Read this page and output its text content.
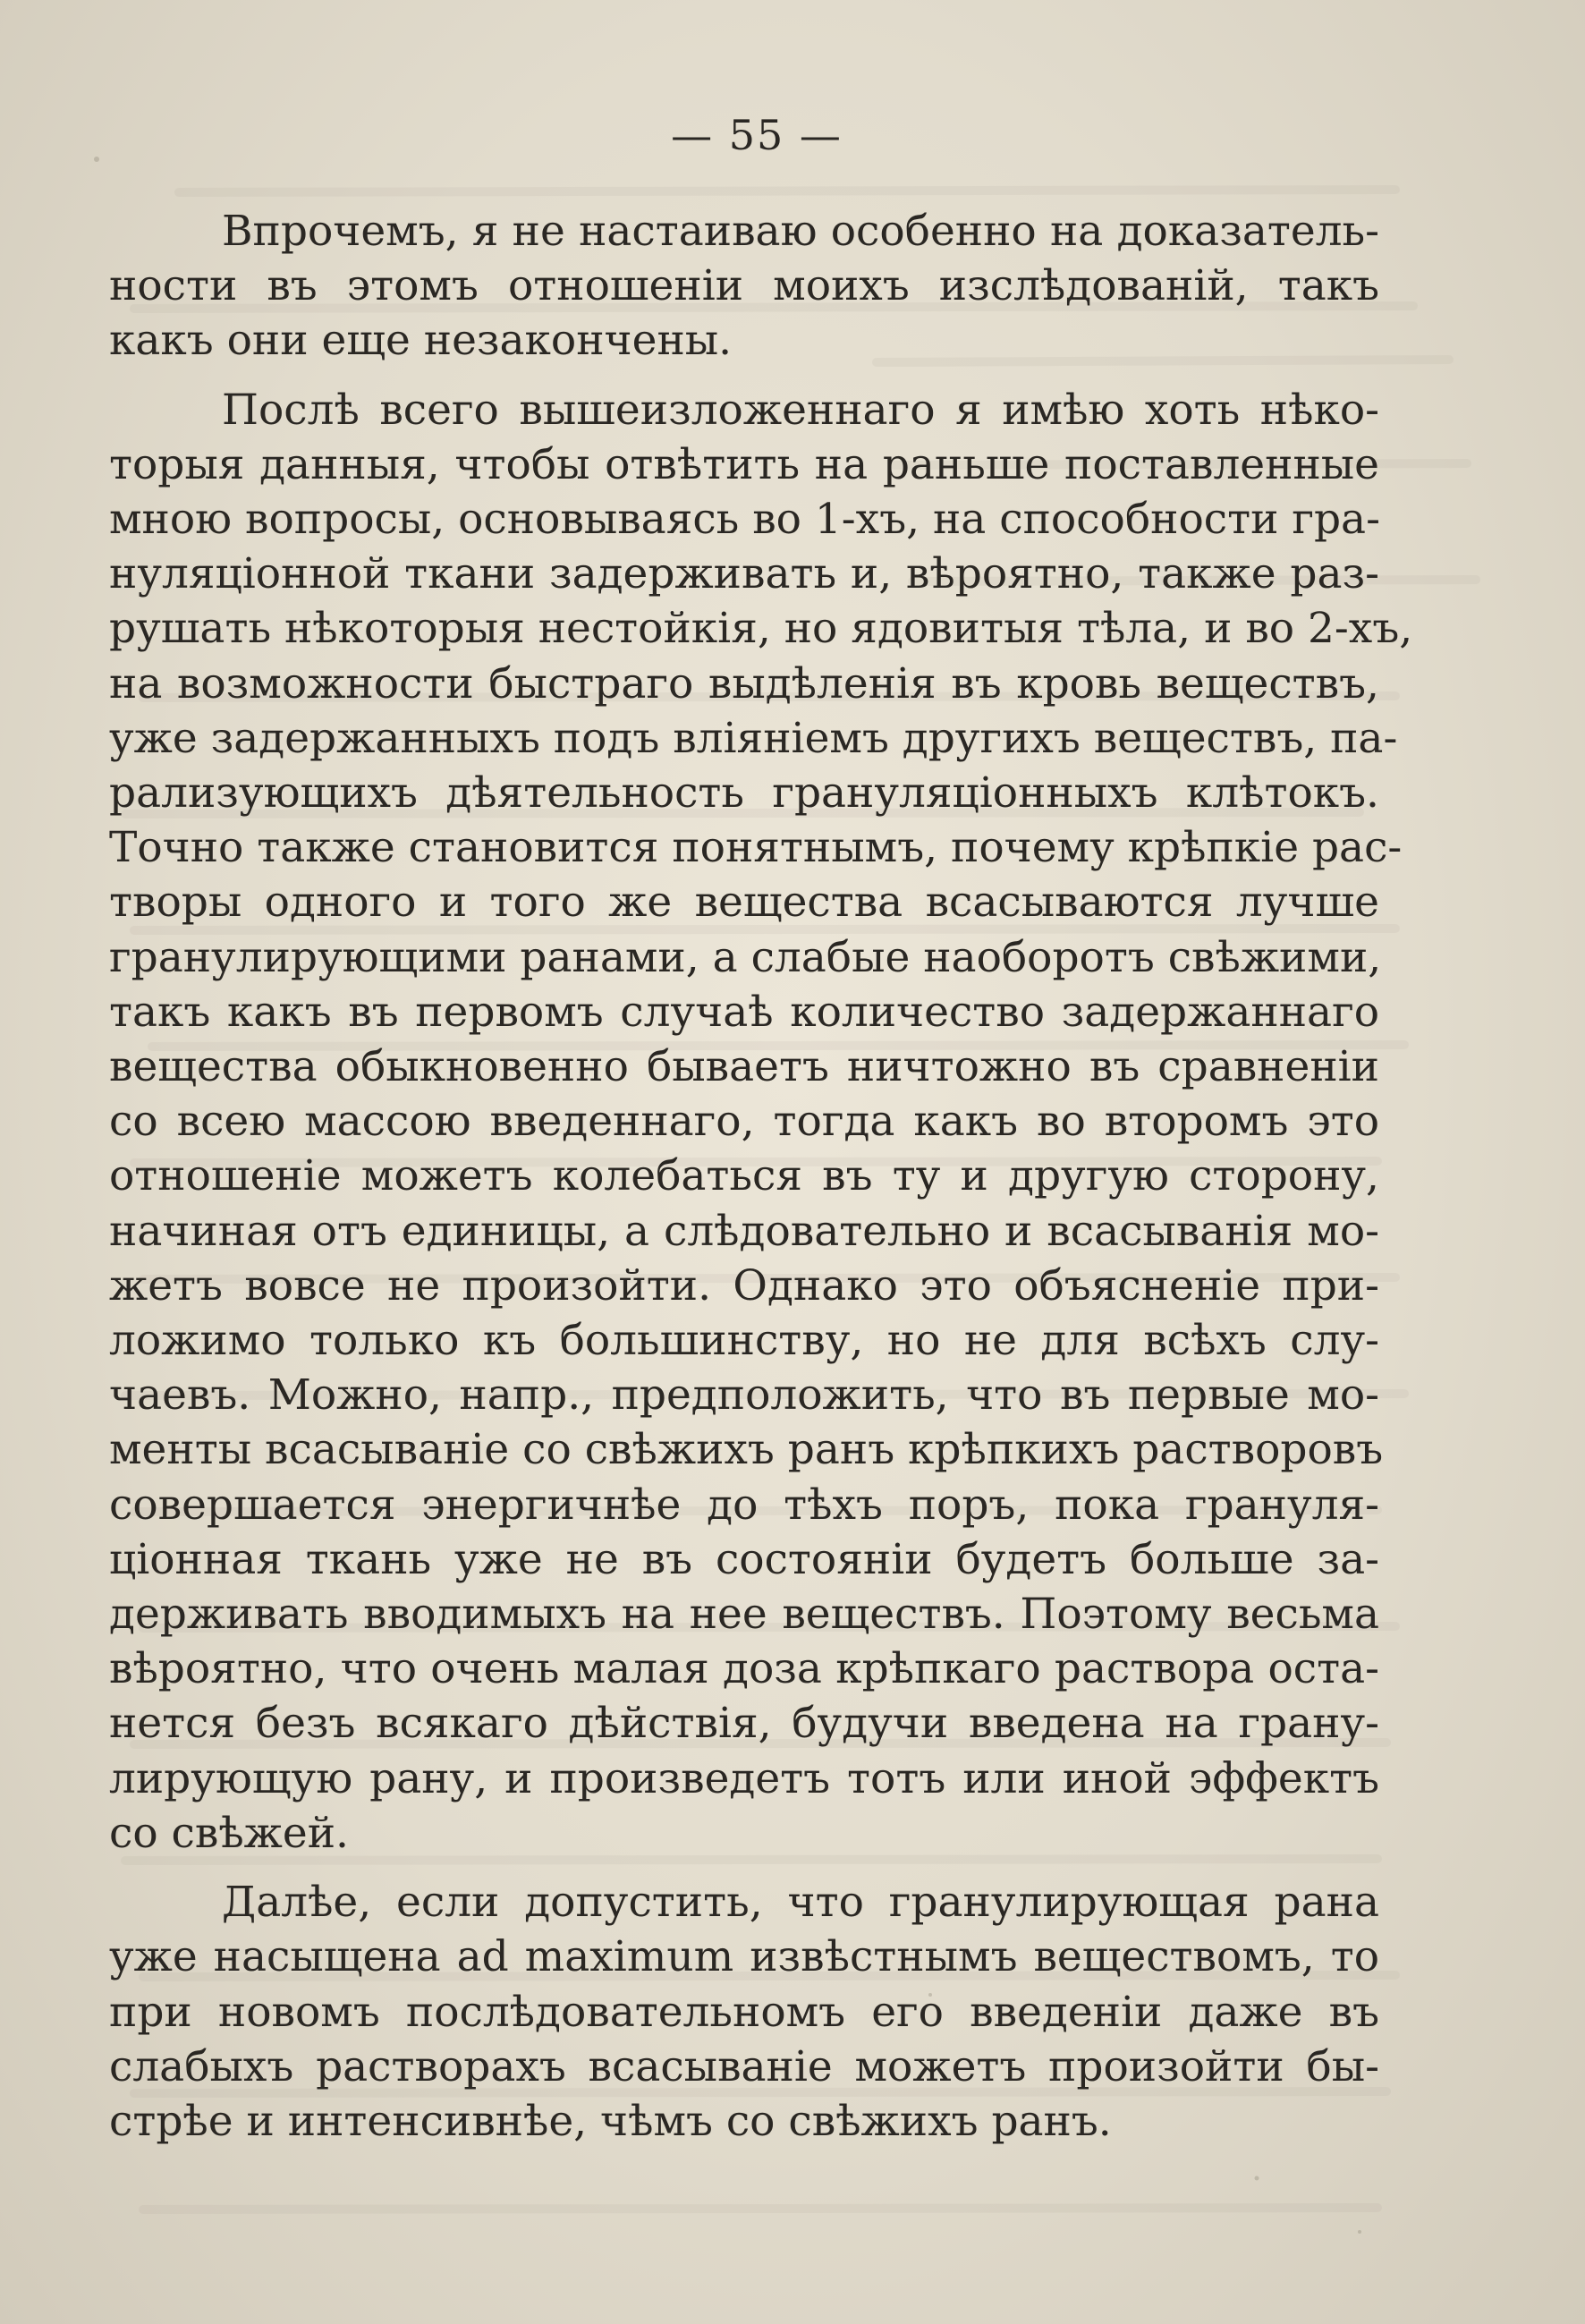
— 55 —

Впрочемъ, я не настаиваю особенно на доказатель-
ности въ этомъ отношеніи моихъ изслѣдованій, такъ
какъ они еще незакончены.

Послѣ всего вышеизложеннаго я имѣю хоть нѣко-
торыя данныя, чтобы отвѣтить на раньше поставленные
мною вопросы, основываясь во 1-хъ, на способности гра-
нуляціонной ткани задерживать и, вѣроятно, также раз-
рушать нѣкоторыя нестойкія, но ядовитыя тѣла, и во 2-хъ,
на возможности быстраго выдѣленія въ кровь веществъ,
уже задержанныхъ подъ вліяніемъ другихъ веществъ, па-
рализующихъ дѣятельность грануляціонныхъ клѣтокъ.
Точно также становится понятнымъ, почему крѣпкіе рас-
творы одного и того же вещества всасываются лучше
гранулирующими ранами, а слабые наоборотъ свѣжими,
такъ какъ въ первомъ случаѣ количество задержаннаго
вещества обыкновенно бываетъ ничтожно въ сравненіи
со всею массою введеннаго, тогда какъ во второмъ это
отношеніе можетъ колебаться въ ту и другую сторону,
начиная отъ единицы, а слѣдовательно и всасыванія мо-
жетъ вовсе не произойти. Однако это объясненіе при-
ложимо только къ большинству, но не для всѣхъ слу-
чаевъ. Можно, напр., предположить, что въ первые мо-
менты всасываніе со свѣжихъ ранъ крѣпкихъ растворовъ
совершается энергичнѣе до тѣхъ поръ, пока грануля-
ціонная ткань уже не въ состояніи будетъ больше за-
держивать вводимыхъ на нее веществъ. Поэтому весьма
вѣроятно, что очень малая доза крѣпкаго раствора оста-
нется безъ всякаго дѣйствія, будучи введена на грану-
лирующую рану, и произведетъ тотъ или иной эффектъ
со свѣжей.

Далѣе, если допустить, что гранулирующая рана
уже насыщена ad maximum извѣстнымъ веществомъ, то
при новомъ послѣдовательномъ его введеніи даже въ
слабыхъ растворахъ всасываніе можетъ произойти бы-
стрѣе и интенсивнѣе, чѣмъ со свѣжихъ ранъ.
